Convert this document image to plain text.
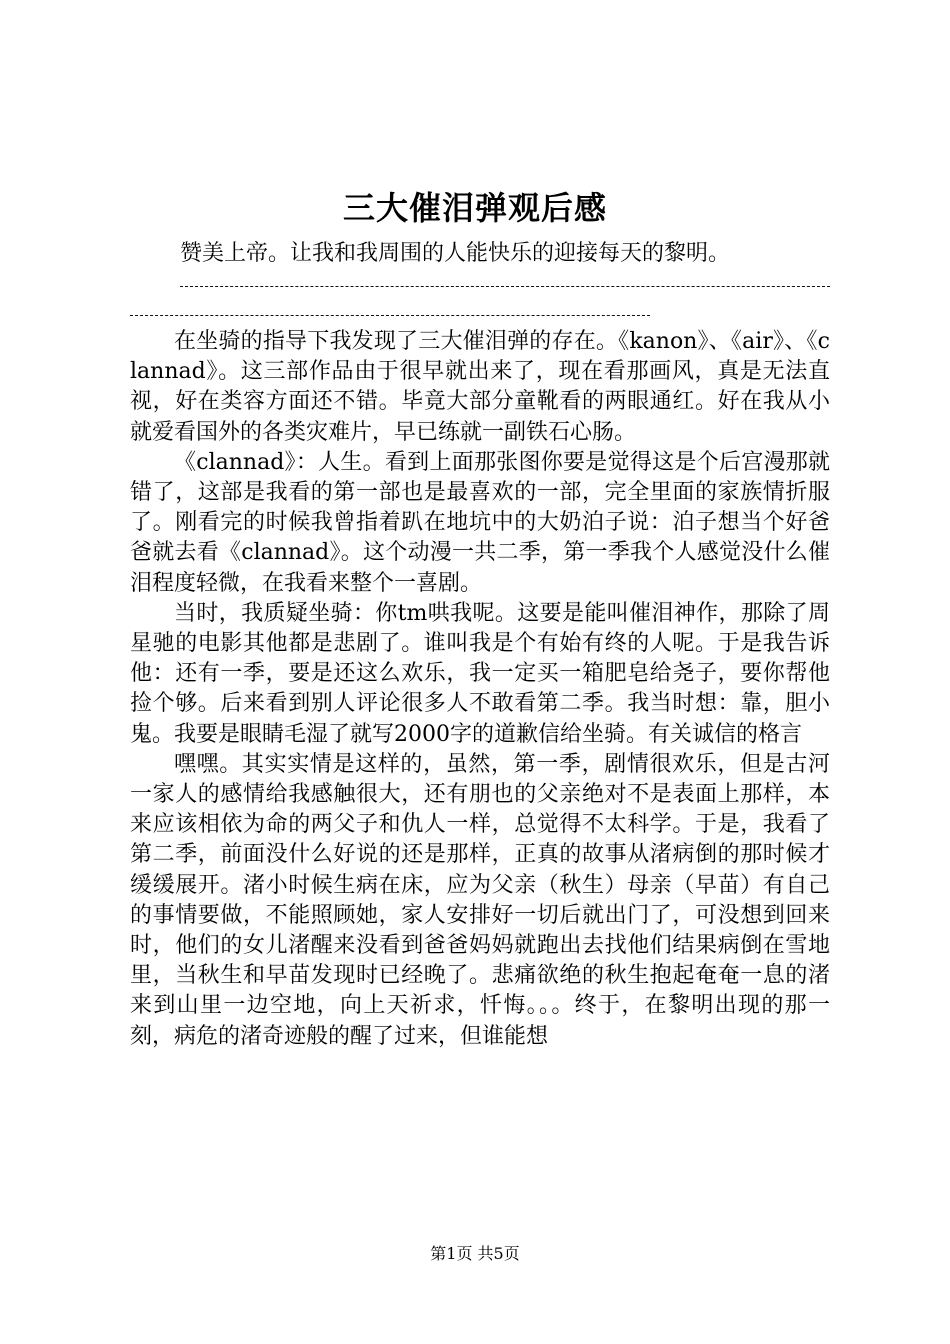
三大催泪弹观后感
赞美上帝。让我和我周围的人能快乐的迎接每天的黎明。

在坐骑的指导下我发现了三大催泪弹的存在。《kanon》、《air》、《clannad》。这三部作品由于很早就出来了，现在看那画风，真是无法直视，好在类容方面还不错。毕竟大部分童靴看的两眼通红。好在我从小就爱看国外的各类灾难片，早已练就一副铁石心肠。

《clannad》：人生。看到上面那张图你要是觉得这是个后宫漫那就错了，这部是我看的第一部也是最喜欢的一部，完全里面的家族情折服了。刚看完的时候我曾指着趴在地坑中的大奶泊子说：泊子想当个好爸爸就去看《clannad》。这个动漫一共二季，第一季我个人感觉没什么催泪程度轻微，在我看来整个一喜剧。

当时，我质疑坐骑：你tm哄我呢。这要是能叫催泪神作，那除了周星驰的电影其他都是悲剧了。谁叫我是个有始有终的人呢。于是我告诉他：还有一季，要是还这么欢乐，我一定买一箱肥皂给尧子，要你帮他捡个够。后来看到别人评论很多人不敢看第二季。我当时想：靠，胆小鬼。我要是眼睛毛湿了就写2000字的道歉信给坐骑。有关诚信的格言

嘿嘿。其实实情是这样的，虽然，第一季，剧情很欢乐，但是古河一家人的感情给我感触很大，还有朋也的父亲绝对不是表面上那样，本来应该相依为命的两父子和仇人一样，总觉得不太科学。于是，我看了第二季，前面没什么好说的还是那样，正真的故事从渚病倒的那时候才缓缓展开。渚小时候生病在床，应为父亲（秋生）母亲（早苗）有自己的事情要做，不能照顾她，家人安排好一切后就出门了，可没想到回来时，他们的女儿渚醒来没看到爸爸妈妈就跑出去找他们结果病倒在雪地里，当秋生和早苗发现时已经晚了。悲痛欲绝的秋生抱起奄奄一息的渚来到山里一边空地，向上天祈求，忏悔。。。终于，在黎明出现的那一刻，病危的渚奇迹般的醒了过来，但谁能想

第1页 共5页
